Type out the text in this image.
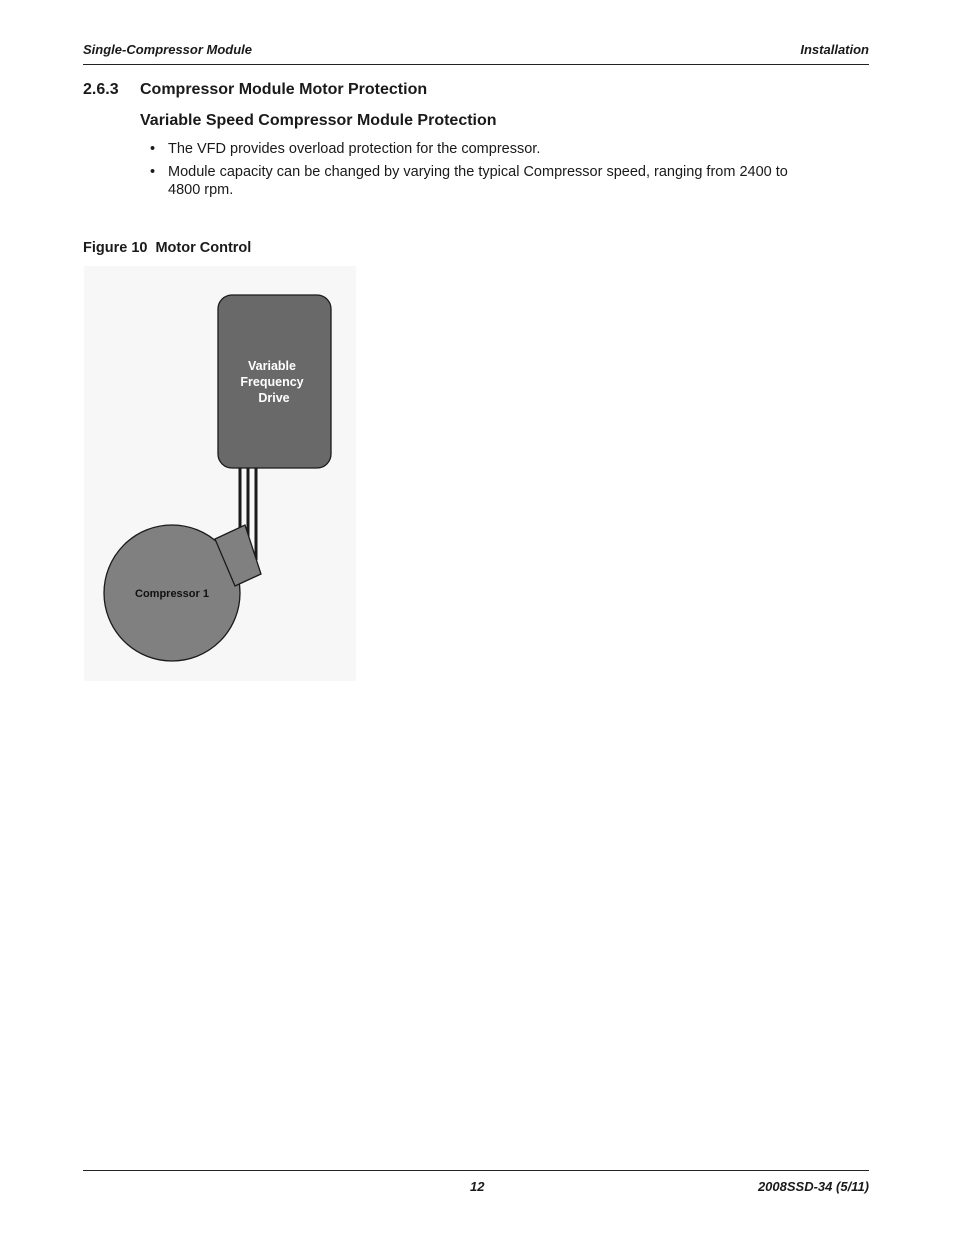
Single-Compressor Module	Installation
2.6.3 Compressor Module Motor Protection
Variable Speed Compressor Module Protection
• The VFD provides overload protection for the compressor.
• Module capacity can be changed by varying the typical Compressor speed, ranging from 2400 to 4800 rpm.
Figure 10 Motor Control
Compressor 1
Variable
Frequency
Drive
12	2008SSD-34 (5/11)
